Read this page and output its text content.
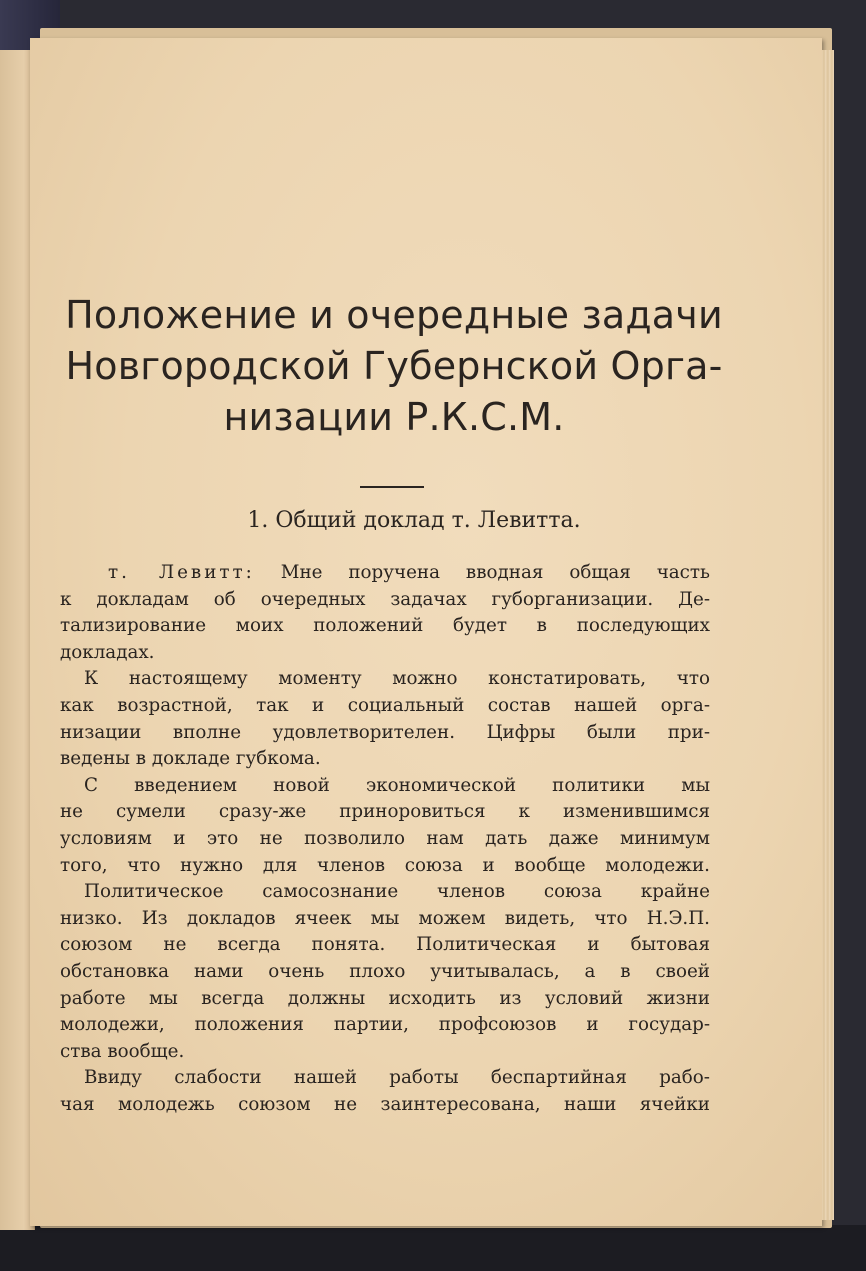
Положение и очередные задачи
Новгородской Губернской Орга-
низации Р.К.С.М.
1. Общий доклад т. Левитта.
т. Левитт: Мне поручена вводная общая часть
к докладам об очередных задачах губорганизации. Де-
тализирование моих положений будет в последующих
докладах.
К настоящему моменту можно констатировать, что
как возрастной, так и социальный состав нашей орга-
низации вполне удовлетворителен. Цифры были при-
ведены в докладе губкома.
С введением новой экономической политики мы
не сумели сразу-же приноровиться к изменившимся
условиям и это не позволило нам дать даже минимум
того, что нужно для членов союза и вообще молодежи.
Политическое самосознание членов союза крайне
низко. Из докладов ячеек мы можем видеть, что Н.Э.П.
союзом не всегда понята. Политическая и бытовая
обстановка нами очень плохо учитывалась, а в своей
работе мы всегда должны исходить из условий жизни
молодежи, положения партии, профсоюзов и государ-
ства вообще.
Ввиду слабости нашей работы беспартийная рабо-
чая молодежь союзом не заинтересована, наши ячейки
